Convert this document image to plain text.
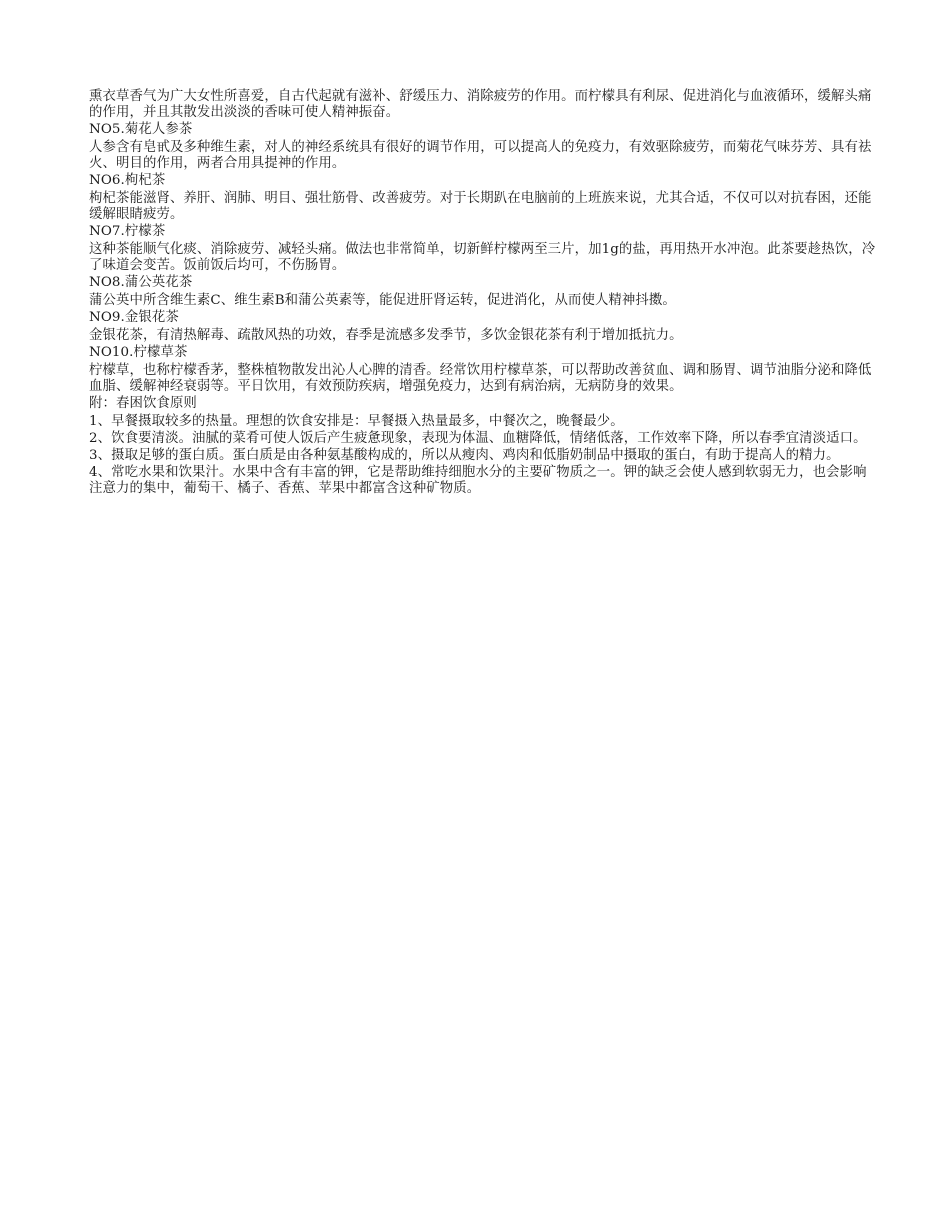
熏衣草香气为广大女性所喜爱，自古代起就有滋补、舒缓压力、消除疲劳的作用。而柠檬具有利尿、促进消化与血液循环，缓解头痛的作用，并且其散发出淡淡的香味可使人精神振奋。

NO5.菊花人参茶

人参含有皂甙及多种维生素，对人的神经系统具有很好的调节作用，可以提高人的免疫力，有效驱除疲劳，而菊花气味芬芳、具有祛火、明目的作用，两者合用具提神的作用。

NO6.枸杞茶

枸杞茶能滋肾、养肝、润肺、明目、强壮筋骨、改善疲劳。对于长期趴在电脑前的上班族来说，尤其合适，不仅可以对抗春困，还能缓解眼睛疲劳。

NO7.柠檬茶

这种茶能顺气化痰、消除疲劳、减轻头痛。做法也非常简单，切新鲜柠檬两至三片，加1g的盐，再用热开水冲泡。此茶要趁热饮，冷了味道会变苦。饭前饭后均可，不伤肠胃。

NO8.蒲公英花茶

蒲公英中所含维生素C、维生素B和蒲公英素等，能促进肝肾运转，促进消化，从而使人精神抖擞。

NO9.金银花茶

金银花茶，有清热解毒、疏散风热的功效，春季是流感多发季节，多饮金银花茶有利于增加抵抗力。

NO10.柠檬草茶

柠檬草，也称柠檬香茅，整株植物散发出沁人心脾的清香。经常饮用柠檬草茶，可以帮助改善贫血、调和肠胃、调节油脂分泌和降低血脂、缓解神经衰弱等。平日饮用，有效预防疾病，增强免疫力，达到有病治病，无病防身的效果。

附：春困饮食原则

1、早餐摄取较多的热量。理想的饮食安排是：早餐摄入热量最多，中餐次之，晚餐最少。

2、饮食要清淡。油腻的菜肴可使人饭后产生疲惫现象，表现为体温、血糖降低，情绪低落，工作效率下降，所以春季宜清淡适口。

3、摄取足够的蛋白质。蛋白质是由各种氨基酸构成的，所以从瘦肉、鸡肉和低脂奶制品中摄取的蛋白，有助于提高人的精力。

4、常吃水果和饮果汁。水果中含有丰富的钾，它是帮助维持细胞水分的主要矿物质之一。钾的缺乏会使人感到软弱无力，也会影响注意力的集中，葡萄干、橘子、香蕉、苹果中都富含这种矿物质。
